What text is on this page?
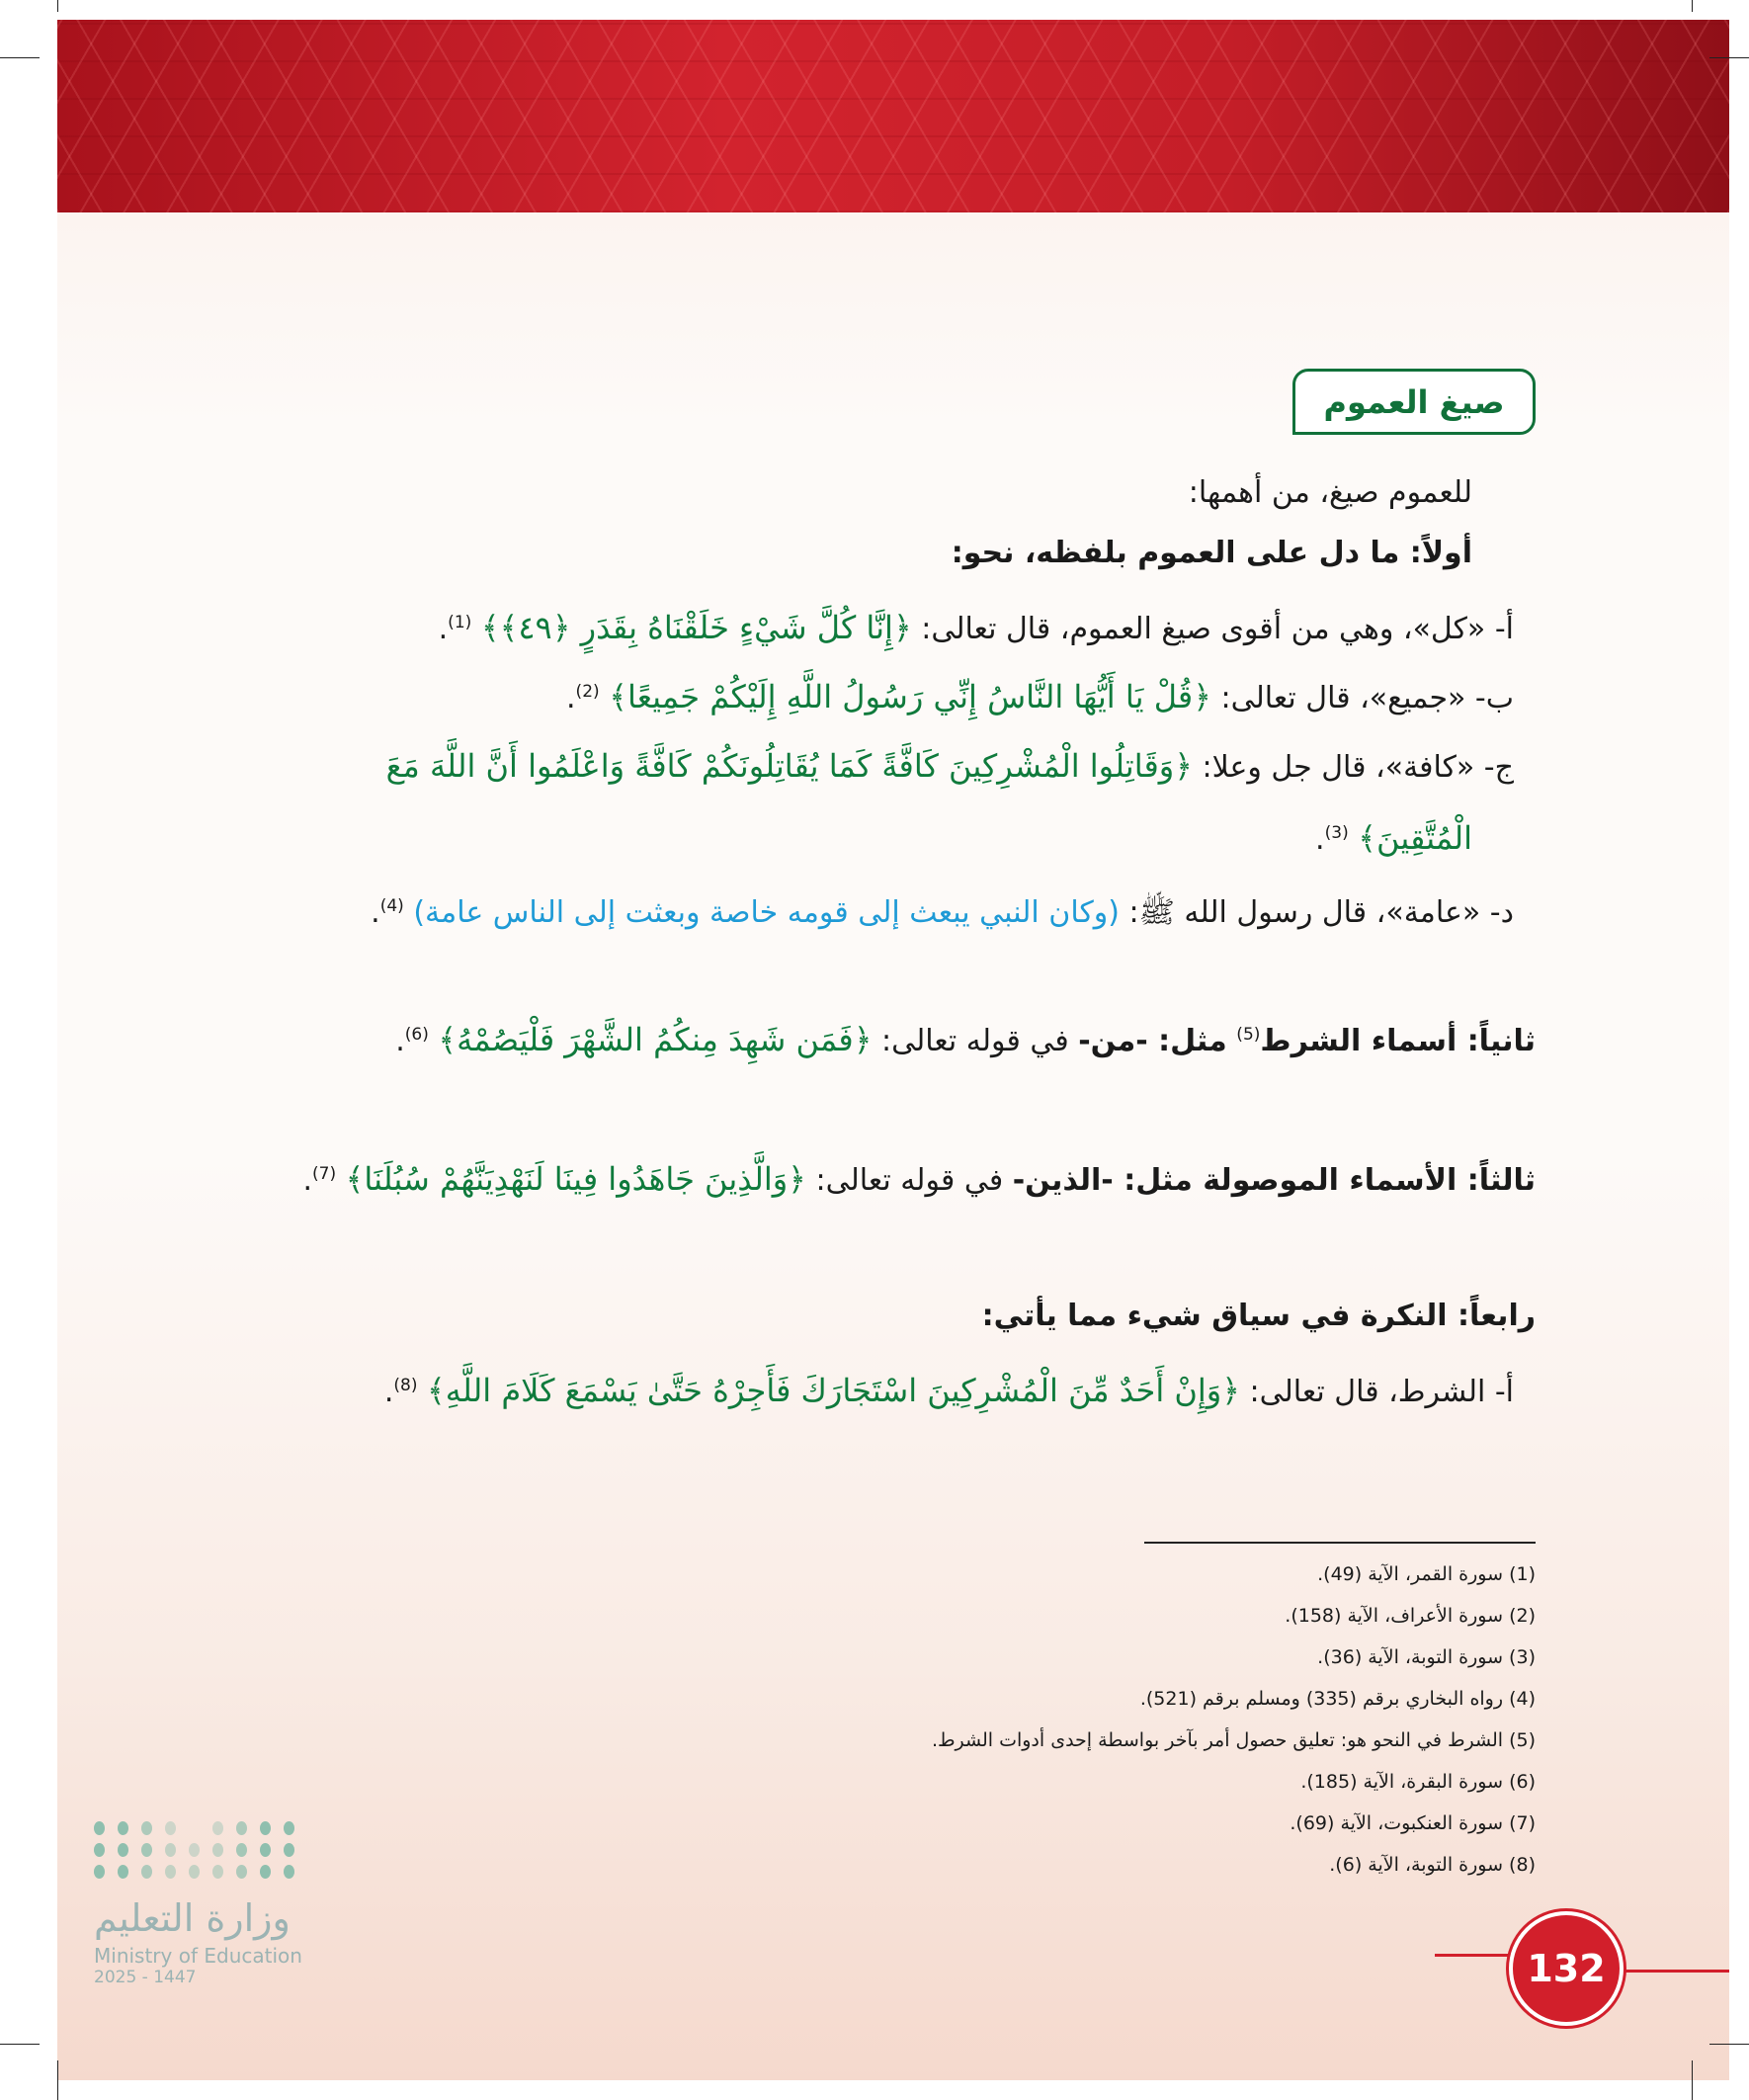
صيغ العموم
للعموم صيغ، من أهمها:
أولاً: ما دل على العموم بلفظه، نحو:
أ- «كل»، وهي من أقوى صيغ العموم، قال تعالى: ﴿إِنَّا كُلَّ شَيْءٍ خَلَقْنَاهُ بِقَدَرٍ ﴿٤٩﴾﴾ $^{(1)}$.
ب- «جميع»، قال تعالى: ﴿قُلْ يَا أَيُّهَا النَّاسُ إِنِّي رَسُولُ اللَّهِ إِلَيْكُمْ جَمِيعًا﴾ $^{(2)}$.
ج- «كافة»، قال جل وعلا: ﴿وَقَاتِلُوا الْمُشْرِكِينَ كَافَّةً كَمَا يُقَاتِلُونَكُمْ كَافَّةً وَاعْلَمُوا أَنَّ اللَّهَ مَعَ
الْمُتَّقِينَ﴾ $^{(3)}$.
د- «عامة»، قال رسول الله ﷺ: (وكان النبي يبعث إلى قومه خاصة وبعثت إلى الناس عامة) $^{(4)}$.
ثانياً: أسماء الشرط$^{(5)}$ مثل: -من- في قوله تعالى: ﴿فَمَن شَهِدَ مِنكُمُ الشَّهْرَ فَلْيَصُمْهُ﴾ $^{(6)}$.
ثالثاً: الأسماء الموصولة مثل: -الذين- في قوله تعالى: ﴿وَالَّذِينَ جَاهَدُوا فِينَا لَنَهْدِيَنَّهُمْ سُبُلَنَا﴾ $^{(7)}$.
رابعاً: النكرة في سياق شيء مما يأتي:
أ- الشرط، قال تعالى: ﴿وَإِنْ أَحَدٌ مِّنَ الْمُشْرِكِينَ اسْتَجَارَكَ فَأَجِرْهُ حَتَّىٰ يَسْمَعَ كَلَامَ اللَّهِ﴾ $^{(8)}$.
(1) سورة القمر، الآية (49).
(2) سورة الأعراف، الآية (158).
(3) سورة التوبة، الآية (36).
(4) رواه البخاري برقم (335) ومسلم برقم (521).
(5) الشرط في النحو هو: تعليق حصول أمر بآخر بواسطة إحدى أدوات الشرط.
(6) سورة البقرة، الآية (185).
(7) سورة العنكبوت، الآية (69).
(8) سورة التوبة، الآية (6).
وزارة التعليم
Ministry of Education
2025 - 1447	132
